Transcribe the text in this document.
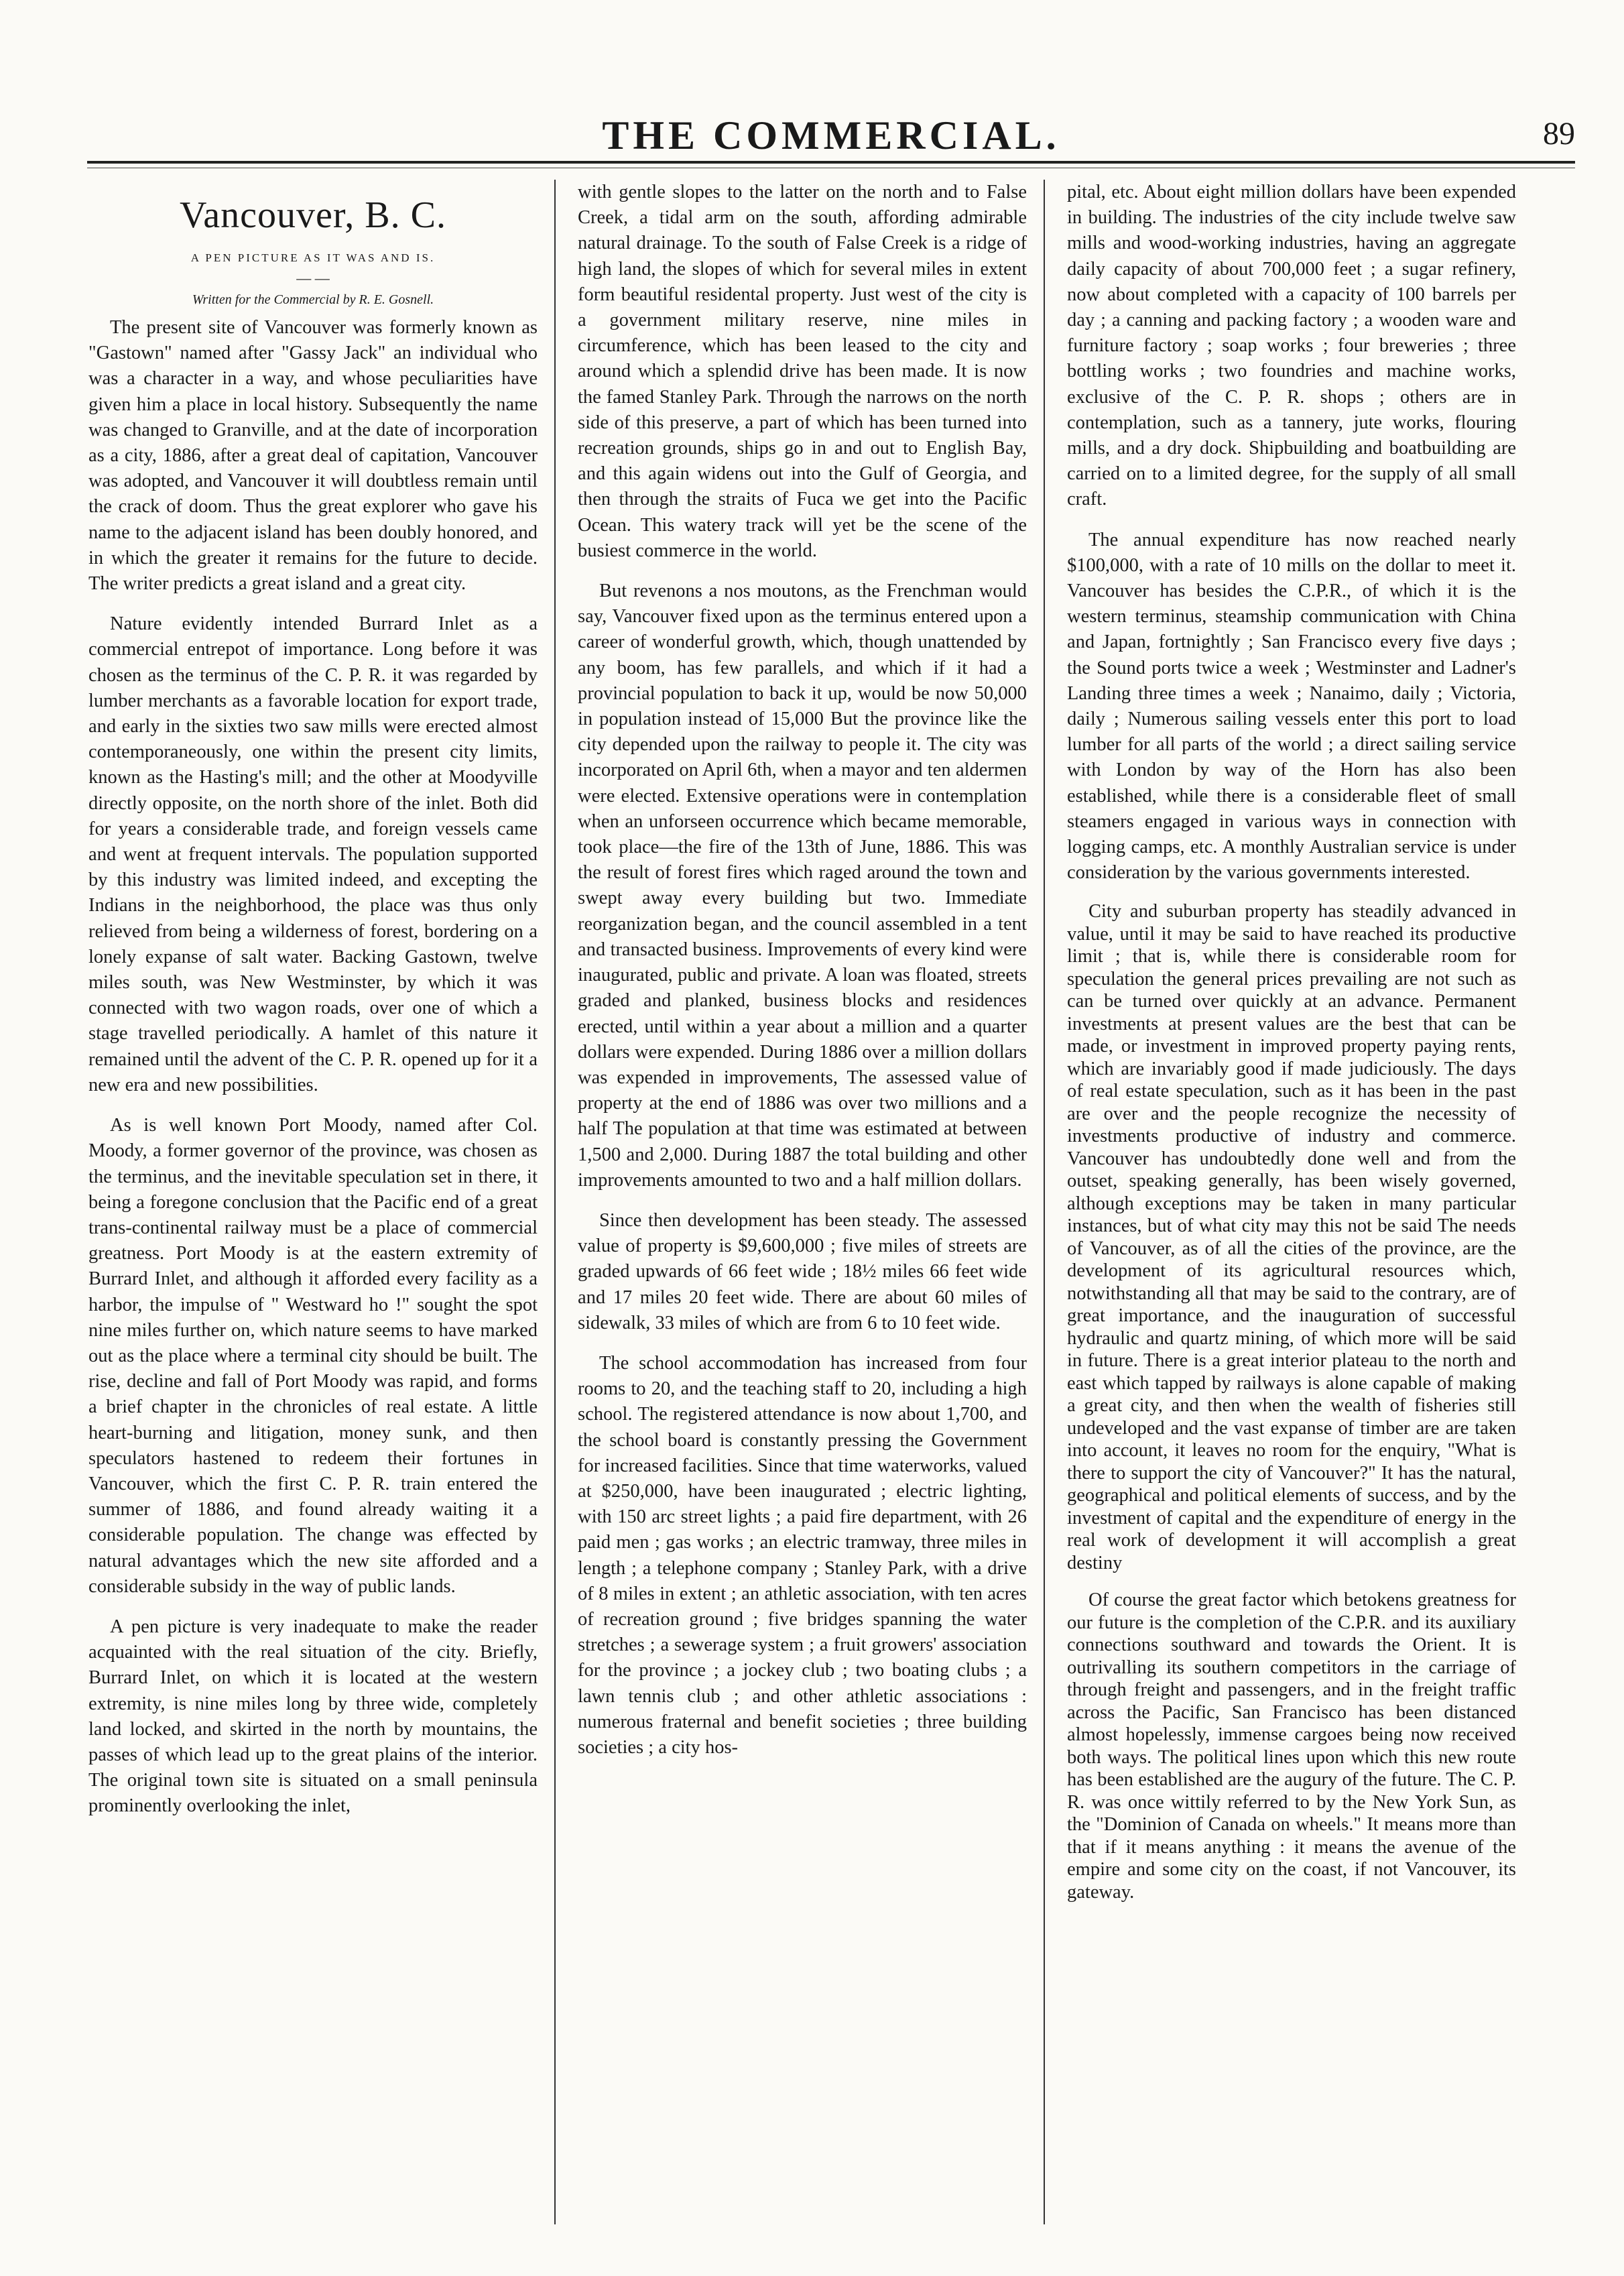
THE COMMERCIAL.	89
Vancouver, B. C.
A PEN PICTURE AS IT WAS AND IS.
— —
Written for the Commercial by R. E. Gosnell.

The present site of Vancouver was formerly known as "Gastown" named after "Gassy Jack" an individual who was a character in a way, and whose peculiarities have given him a place in local history. Subsequently the name was changed to Granville, and at the date of incorporation as a city, 1886, after a great deal of capitation, Vancouver was adopted, and Vancouver it will doubtless remain until the crack of doom. Thus the great explorer who gave his name to the adjacent island has been doubly honored, and in which the greater it remains for the future to decide. The writer predicts a great island and a great city.

Nature evidently intended Burrard Inlet as a commercial entrepot of importance. Long before it was chosen as the terminus of the C. P. R. it was regarded by lumber merchants as a favorable location for export trade, and early in the sixties two saw mills were erected almost contemporaneously, one within the present city limits, known as the Hasting's mill; and the other at Moodyville directly opposite, on the north shore of the inlet. Both did for years a considerable trade, and foreign vessels came and went at frequent intervals. The population supported by this industry was limited indeed, and excepting the Indians in the neighborhood, the place was thus only relieved from being a wilderness of forest, bordering on a lonely expanse of salt water. Backing Gastown, twelve miles south, was New Westminster, by which it was connected with two wagon roads, over one of which a stage travelled periodically. A hamlet of this nature it remained until the advent of the C. P. R. opened up for it a new era and new possibilities.

As is well known Port Moody, named after Col. Moody, a former governor of the province, was chosen as the terminus, and the inevitable speculation set in there, it being a foregone conclusion that the Pacific end of a great trans-continental railway must be a place of commercial greatness. Port Moody is at the eastern extremity of Burrard Inlet, and although it afforded every facility as a harbor, the impulse of " Westward ho !" sought the spot nine miles further on, which nature seems to have marked out as the place where a terminal city should be built. The rise, decline and fall of Port Moody was rapid, and forms a brief chapter in the chronicles of real estate. A little heart-burning and litigation, money sunk, and then speculators hastened to redeem their fortunes in Vancouver, which the first C. P. R. train entered the summer of 1886, and found already waiting it a considerable population. The change was effected by natural advantages which the new site afforded and a considerable subsidy in the way of public lands.

A pen picture is very inadequate to make the reader acquainted with the real situation of the city. Briefly, Burrard Inlet, on which it is located at the western extremity, is nine miles long by three wide, completely land locked, and skirted in the north by mountains, the passes of which lead up to the great plains of the interior. The original town site is situated on a small peninsula prominently overlooking the inlet,

with gentle slopes to the latter on the north and to False Creek, a tidal arm on the south, affording admirable natural drainage. To the south of False Creek is a ridge of high land, the slopes of which for several miles in extent form beautiful residental property. Just west of the city is a government military reserve, nine miles in circumference, which has been leased to the city and around which a splendid drive has been made. It is now the famed Stanley Park. Through the narrows on the north side of this preserve, a part of which has been turned into recreation grounds, ships go in and out to English Bay, and this again widens out into the Gulf of Georgia, and then through the straits of Fuca we get into the Pacific Ocean. This watery track will yet be the scene of the busiest commerce in the world.

But revenons a nos moutons, as the Frenchman would say, Vancouver fixed upon as the terminus entered upon a career of wonderful growth, which, though unattended by any boom, has few parallels, and which if it had a provincial population to back it up, would be now 50,000 in population instead of 15,000 But the province like the city depended upon the railway to people it. The city was incorporated on April 6th, when a mayor and ten aldermen were elected. Extensive operations were in contemplation when an unforseen occurrence which became memorable, took place—the fire of the 13th of June, 1886. This was the result of forest fires which raged around the town and swept away every building but two. Immediate reorganization began, and the council assembled in a tent and transacted business. Improvements of every kind were inaugurated, public and private. A loan was floated, streets graded and planked, business blocks and residences erected, until within a year about a million and a quarter dollars were expended. During 1886 over a million dollars was expended in improvements, The assessed value of property at the end of 1886 was over two millions and a half The population at that time was estimated at between 1,500 and 2,000. During 1887 the total building and other improvements amounted to two and a half million dollars.

Since then development has been steady. The assessed value of property is $9,600,000 ; five miles of streets are graded upwards of 66 feet wide ; 18½ miles 66 feet wide and 17 miles 20 feet wide. There are about 60 miles of sidewalk, 33 miles of which are from 6 to 10 feet wide.

The school accommodation has increased from four rooms to 20, and the teaching staff to 20, including a high school. The registered attendance is now about 1,700, and the school board is constantly pressing the Government for increased facilities. Since that time waterworks, valued at $250,000, have been inaugurated ; electric lighting, with 150 arc street lights ; a paid fire department, with 26 paid men ; gas works ; an electric tramway, three miles in length ; a telephone company ; Stanley Park, with a drive of 8 miles in extent ; an athletic association, with ten acres of recreation ground ; five bridges spanning the water stretches ; a sewerage system ; a fruit growers' association for the province ; a jockey club ; two boating clubs ; a lawn tennis club ; and other athletic associations : numerous fraternal and benefit societies ; three building societies ; a city hos-

pital, etc. About eight million dollars have been expended in building. The industries of the city include twelve saw mills and wood-working industries, having an aggregate daily capacity of about 700,000 feet ; a sugar refinery, now about completed with a capacity of 100 barrels per day ; a canning and packing factory ; a wooden ware and furniture factory ; soap works ; four breweries ; three bottling works ; two foundries and machine works, exclusive of the C. P. R. shops ; others are in contemplation, such as a tannery, jute works, flouring mills, and a dry dock. Shipbuilding and boatbuilding are carried on to a limited degree, for the supply of all small craft.

The annual expenditure has now reached nearly $100,000, with a rate of 10 mills on the dollar to meet it. Vancouver has besides the C.P.R., of which it is the western terminus, steamship communication with China and Japan, fortnightly ; San Francisco every five days ; the Sound ports twice a week ; Westminster and Ladner's Landing three times a week ; Nanaimo, daily ; Victoria, daily ; Numerous sailing vessels enter this port to load lumber for all parts of the world ; a direct sailing service with London by way of the Horn has also been established, while there is a considerable fleet of small steamers engaged in various ways in connection with logging camps, etc. A monthly Australian service is under consideration by the various governments interested.

City and suburban property has steadily advanced in value, until it may be said to have reached its productive limit ; that is, while there is considerable room for speculation the general prices prevailing are not such as can be turned over quickly at an advance. Permanent investments at present values are the best that can be made, or investment in improved property paying rents, which are invariably good if made judiciously. The days of real estate speculation, such as it has been in the past are over and the people recognize the necessity of investments productive of industry and commerce. Vancouver has undoubtedly done well and from the outset, speaking generally, has been wisely governed, although exceptions may be taken in many particular instances, but of what city may this not be said The needs of Vancouver, as of all the cities of the province, are the development of its agricultural resources which, notwithstanding all that may be said to the contrary, are of great importance, and the inauguration of successful hydraulic and quartz mining, of which more will be said in future. There is a great interior plateau to the north and east which tapped by railways is alone capable of making a great city, and then when the wealth of fisheries still undeveloped and the vast expanse of timber are are taken into account, it leaves no room for the enquiry, "What is there to support the city of Vancouver?" It has the natural, geographical and political elements of success, and by the investment of capital and the expenditure of energy in the real work of development it will accomplish a great destiny

Of course the great factor which betokens greatness for our future is the completion of the C.P.R. and its auxiliary connections southward and towards the Orient. It is outrivalling its southern competitors in the carriage of through freight and passengers, and in the freight traffic across the Pacific, San Francisco has been distanced almost hopelessly, immense cargoes being now received both ways. The political lines upon which this new route has been established are the augury of the future. The C. P. R. was once wittily referred to by the New York Sun, as the "Dominion of Canada on wheels." It means more than that if it means anything : it means the avenue of the empire and some city on the coast, if not Vancouver, its gateway.
